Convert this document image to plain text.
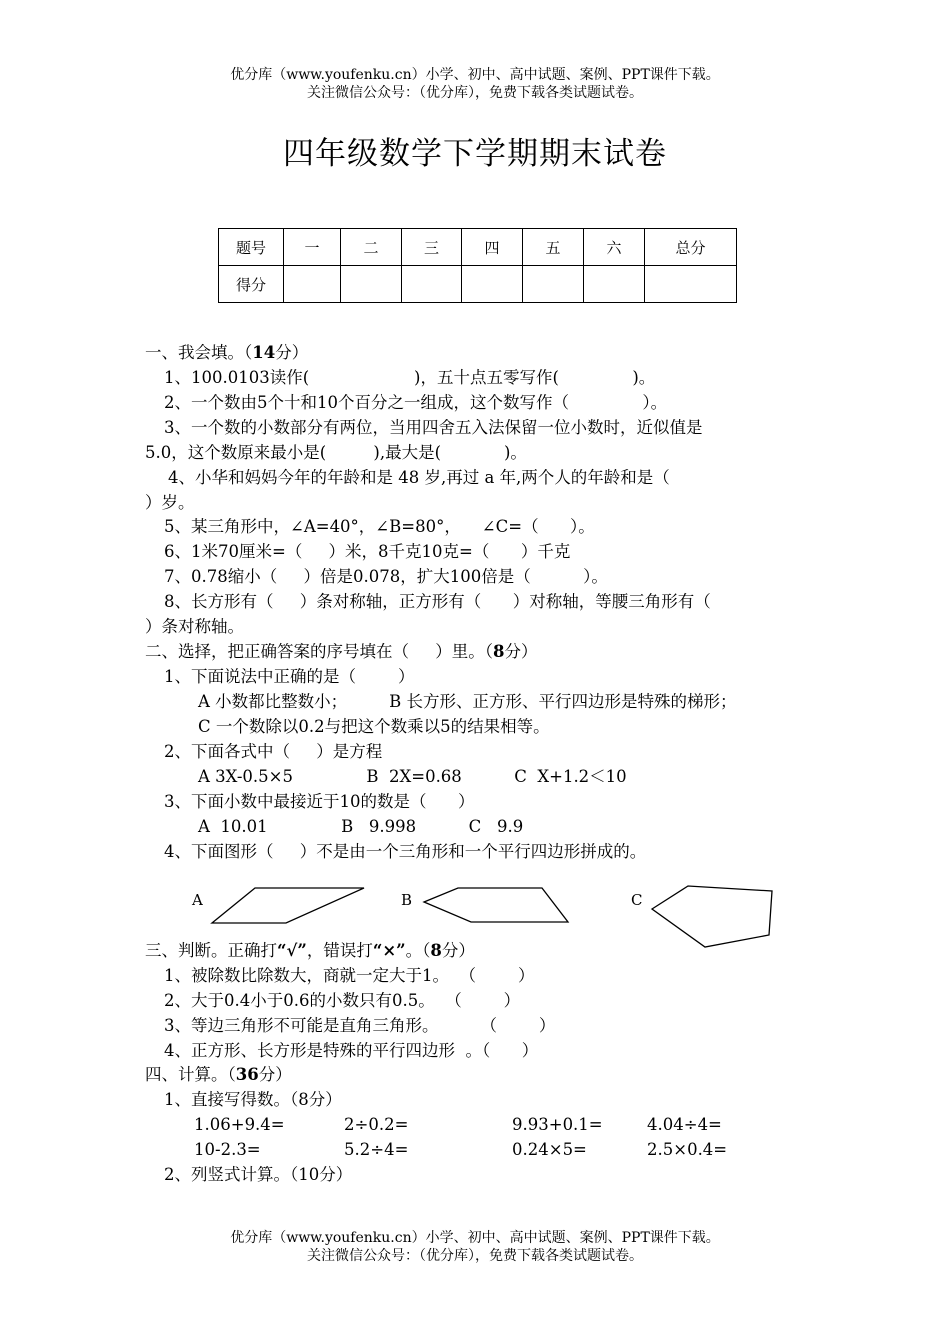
优分库（www.youfenku.cn）小学、初中、高中试题、案例、PPT课件下载。
关注微信公众号：（优分库），免费下载各类试题试卷。
四年级数学下学期期末试卷
题号	一	二	三	四	五	六	总分
得分							
一、我会填。（14分）
1、100.0103读作(                    )，五十点五零写作(              )。
2、一个数由5个十和10个百分之一组成，这个数写作（              ）。
3、一个数的小数部分有两位，当用四舍五入法保留一位小数时，近似值是
5.0，这个数原来最小是(         ),最大是(            )。
4、小华和妈妈今年的年龄和是 48 岁,再过 a 年,两个人的年龄和是（
）岁。
5、某三角形中，∠A=40°，∠B=80°，    ∠C=（      ）。
6、1米70厘米=（     ）米，8千克10克=（      ）千克
7、0.78缩小（     ）倍是0.078，扩大100倍是（          ）。
8、长方形有（     ）条对称轴，正方形有（      ）对称轴，等腰三角形有（
）条对称轴。
二、选择，把正确答案的序号填在（     ）里。（8分）
1、下面说法中正确的是（        ）
A 小数都比整数小；        B 长方形、正方形、平行四边形是特殊的梯形；
C 一个数除以0.2与把这个数乘以5的结果相等。
2、下面各式中（     ）是方程
A 3X-0.5×5              B  2X=0.68          C  X+1.2＜10
3、下面小数中最接近于10的数是（      ）
A  10.01              B   9.998          C   9.9
4、下面图形（     ）不是由一个三角形和一个平行四边形拼成的。
A	B	C
三、判断。正确打“√”，错误打“×”。（8分）
1、被除数比除数大，商就一定大于1。  （        ）
2、大于0.4小于0.6的小数只有0.5。  （        ）
3、等边三角形不可能是直角三角形。        （        ）
4、正方形、长方形是特殊的平行四边形  。（      ）
四、计算。（36分）
1、直接写得数。（8分）
1.06+9.4=	2÷0.2=	9.93+0.1=	4.04÷4=
10-2.3=	5.2÷4=	0.24×5=	2.5×0.4=
2、列竖式计算。（10分）
优分库（www.youfenku.cn）小学、初中、高中试题、案例、PPT课件下载。
关注微信公众号：（优分库），免费下载各类试题试卷。
